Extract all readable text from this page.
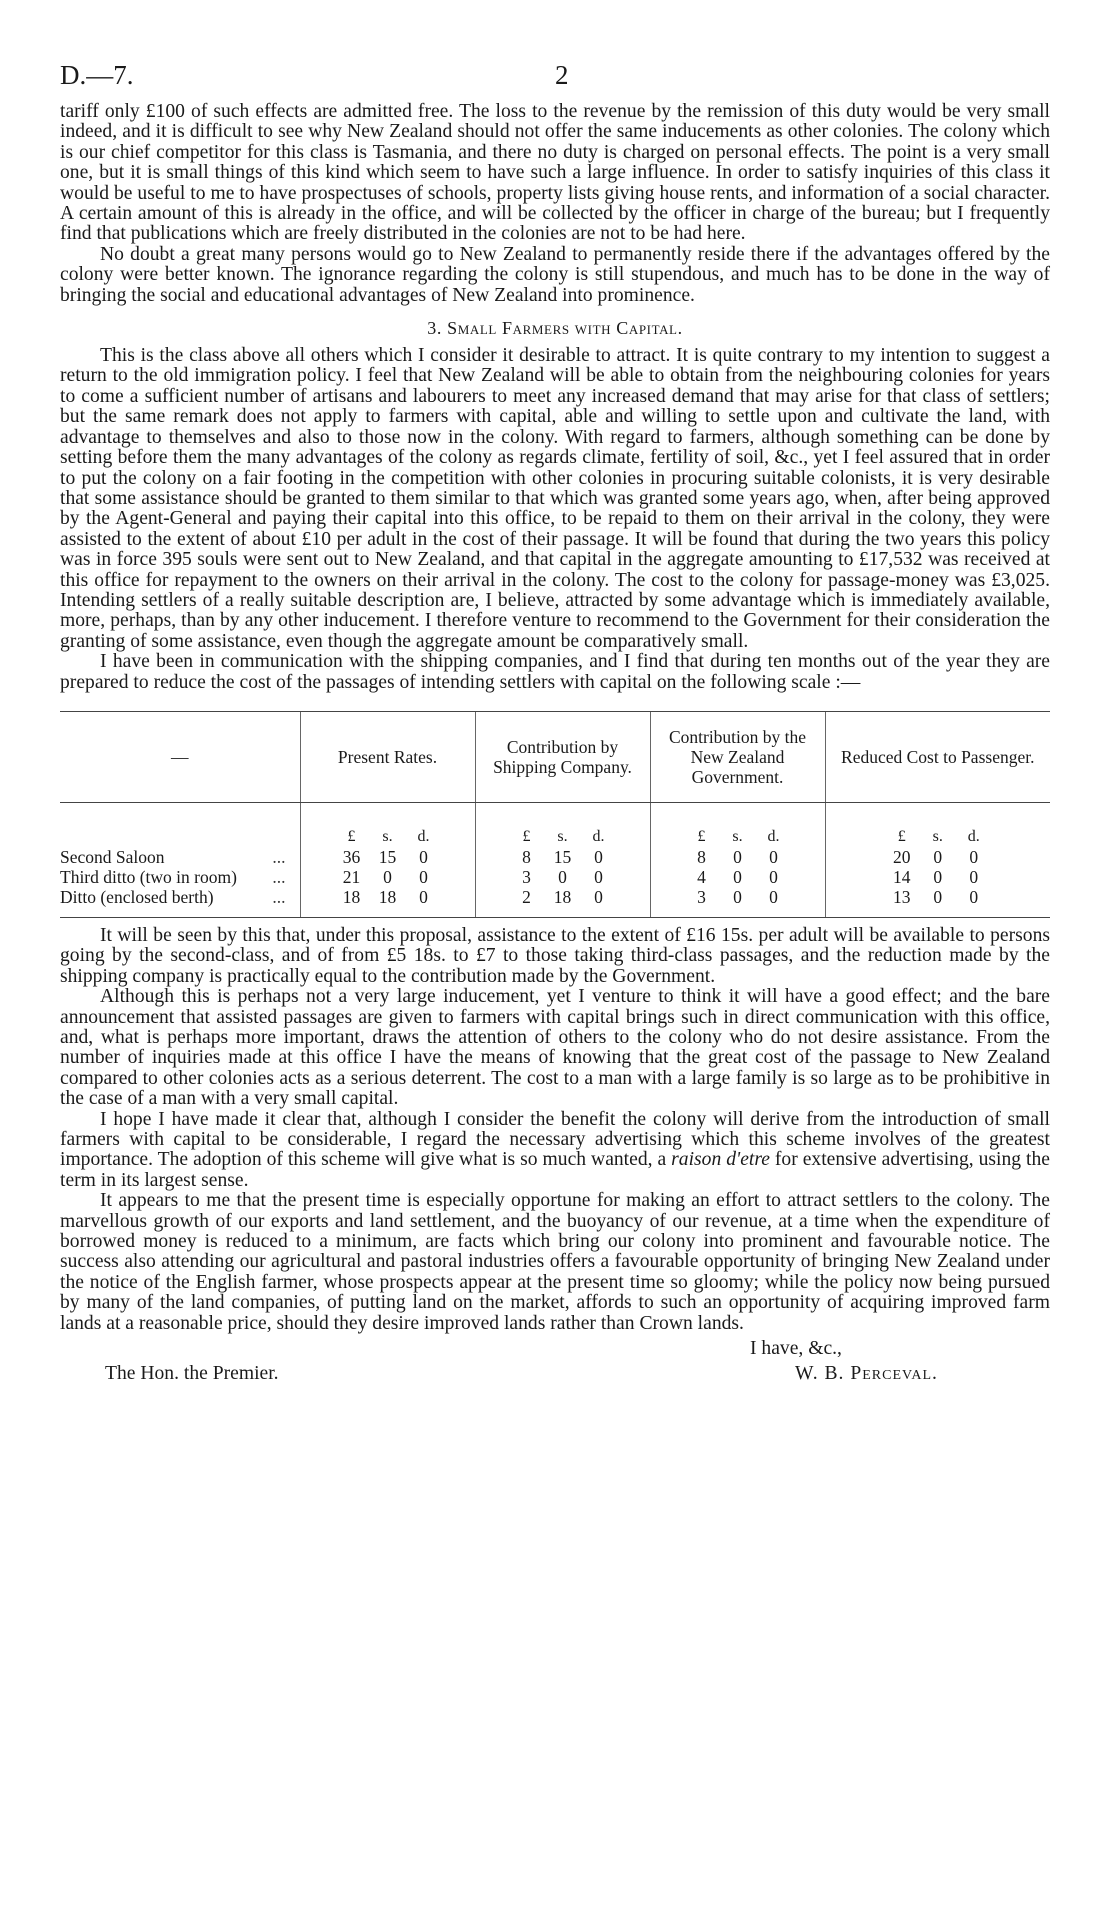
D.—7.	2

tariff only £100 of such effects are admitted free. The loss to the revenue by the remission of this duty would be very small indeed, and it is difficult to see why New Zealand should not offer the same inducements as other colonies. The colony which is our chief competitor for this class is Tasmania, and there no duty is charged on personal effects. The point is a very small one, but it is small things of this kind which seem to have such a large influence. In order to satisfy inquiries of this class it would be useful to me to have prospectuses of schools, property lists giving house rents, and information of a social character. A certain amount of this is already in the office, and will be collected by the officer in charge of the bureau; but I frequently find that publications which are freely distributed in the colonies are not to be had here.

No doubt a great many persons would go to New Zealand to permanently reside there if the advantages offered by the colony were better known. The ignorance regarding the colony is still stupendous, and much has to be done in the way of bringing the social and educational advantages of New Zealand into prominence.

3. Small Farmers with Capital.

This is the class above all others which I consider it desirable to attract. It is quite contrary to my intention to suggest a return to the old immigration policy. I feel that New Zealand will be able to obtain from the neighbouring colonies for years to come a sufficient number of artisans and labourers to meet any increased demand that may arise for that class of settlers; but the same remark does not apply to farmers with capital, able and willing to settle upon and cultivate the land, with advantage to themselves and also to those now in the colony. With regard to farmers, although something can be done by setting before them the many advantages of the colony as regards climate, fertility of soil, &c., yet I feel assured that in order to put the colony on a fair footing in the competition with other colonies in procuring suitable colonists, it is very desirable that some assistance should be granted to them similar to that which was granted some years ago, when, after being approved by the Agent-General and paying their capital into this office, to be repaid to them on their arrival in the colony, they were assisted to the extent of about £10 per adult in the cost of their passage. It will be found that during the two years this policy was in force 395 souls were sent out to New Zealand, and that capital in the aggregate amounting to £17,532 was received at this office for repayment to the owners on their arrival in the colony. The cost to the colony for passage-money was £3,025. Intending settlers of a really suitable description are, I believe, attracted by some advantage which is immediately available, more, perhaps, than by any other inducement. I therefore venture to recommend to the Government for their consideration the granting of some assistance, even though the aggregate amount be comparatively small.

I have been in communication with the shipping companies, and I find that during ten months out of the year they are prepared to reduce the cost of the passages of intending settlers with capital on the following scale :—

—	Present Rates.	Contribution by Shipping Company.	Contribution by the New Zealand Government.	Reduced Cost to Passenger.

	£ s. d.	£ s. d.	£ s. d.	£ s. d.

Second Saloon ...	36 15 0	8 15 0	8 0 0	20 0 0

Third ditto (two in room) ...	21 0 0	3 0 0	4 0 0	14 0 0

Ditto (enclosed berth) ...	18 18 0	2 18 0	3 0 0	13 0 0

It will be seen by this that, under this proposal, assistance to the extent of £16 15s. per adult will be available to persons going by the second-class, and of from £5 18s. to £7 to those taking third-class passages, and the reduction made by the shipping company is practically equal to the contribution made by the Government.

Although this is perhaps not a very large inducement, yet I venture to think it will have a good effect; and the bare announcement that assisted passages are given to farmers with capital brings such in direct communication with this office, and, what is perhaps more important, draws the attention of others to the colony who do not desire assistance. From the number of inquiries made at this office I have the means of knowing that the great cost of the passage to New Zealand compared to other colonies acts as a serious deterrent. The cost to a man with a large family is so large as to be prohibitive in the case of a man with a very small capital.

I hope I have made it clear that, although I consider the benefit the colony will derive from the introduction of small farmers with capital to be considerable, I regard the necessary advertising which this scheme involves of the greatest importance. The adoption of this scheme will give what is so much wanted, a raison d'etre for extensive advertising, using the term in its largest sense.

It appears to me that the present time is especially opportune for making an effort to attract settlers to the colony. The marvellous growth of our exports and land settlement, and the buoyancy of our revenue, at a time when the expenditure of borrowed money is reduced to a minimum, are facts which bring our colony into prominent and favourable notice. The success also attending our agricultural and pastoral industries offers a favourable opportunity of bringing New Zealand under the notice of the English farmer, whose prospects appear at the present time so gloomy; while the policy now being pursued by many of the land companies, of putting land on the market, affords to such an opportunity of acquiring improved farm lands at a reasonable price, should they desire improved lands rather than Crown lands.

I have, &c.,
The Hon. the Premier.	W. B. Perceval.
